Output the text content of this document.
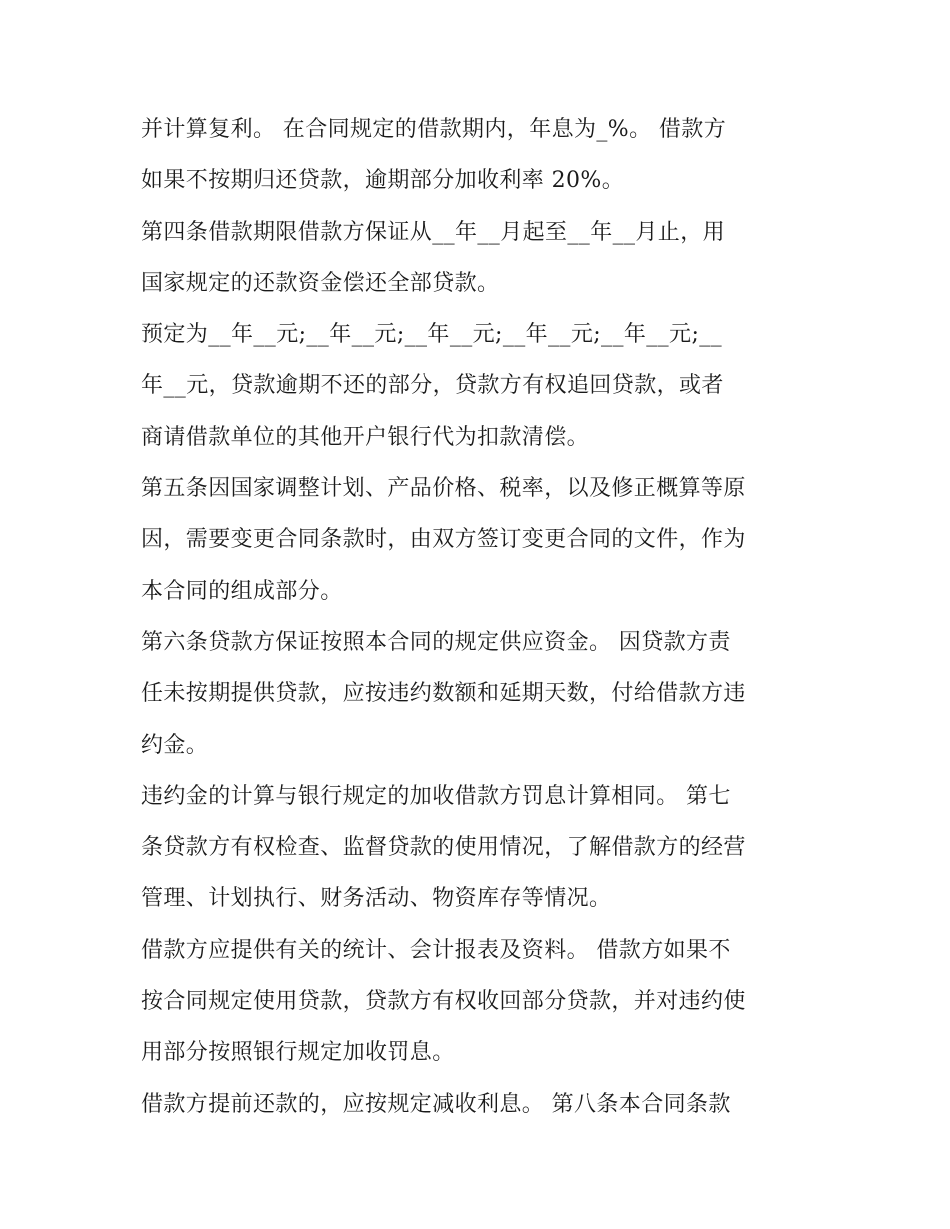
并计算复利。 在合同规定的借款期内，年息为_%。 借款方
如果不按期归还贷款，逾期部分加收利率 20%。
第四条借款期限借款方保证从__年__月起至__年__月止，用
国家规定的还款资金偿还全部贷款。
预定为__年__元;__年__元;__年__元;__年__元;__年__元;__
年__元，贷款逾期不还的部分，贷款方有权追回贷款，或者
商请借款单位的其他开户银行代为扣款清偿。
第五条因国家调整计划、产品价格、税率，以及修正概算等原
因，需要变更合同条款时，由双方签订变更合同的文件，作为
本合同的组成部分。
第六条贷款方保证按照本合同的规定供应资金。 因贷款方责
任未按期提供贷款，应按违约数额和延期天数，付给借款方违
约金。
违约金的计算与银行规定的加收借款方罚息计算相同。 第七
条贷款方有权检查、监督贷款的使用情况，了解借款方的经营
管理、计划执行、财务活动、物资库存等情况。
借款方应提供有关的统计、会计报表及资料。 借款方如果不
按合同规定使用贷款，贷款方有权收回部分贷款，并对违约使
用部分按照银行规定加收罚息。
借款方提前还款的，应按规定减收利息。 第八条本合同条款
